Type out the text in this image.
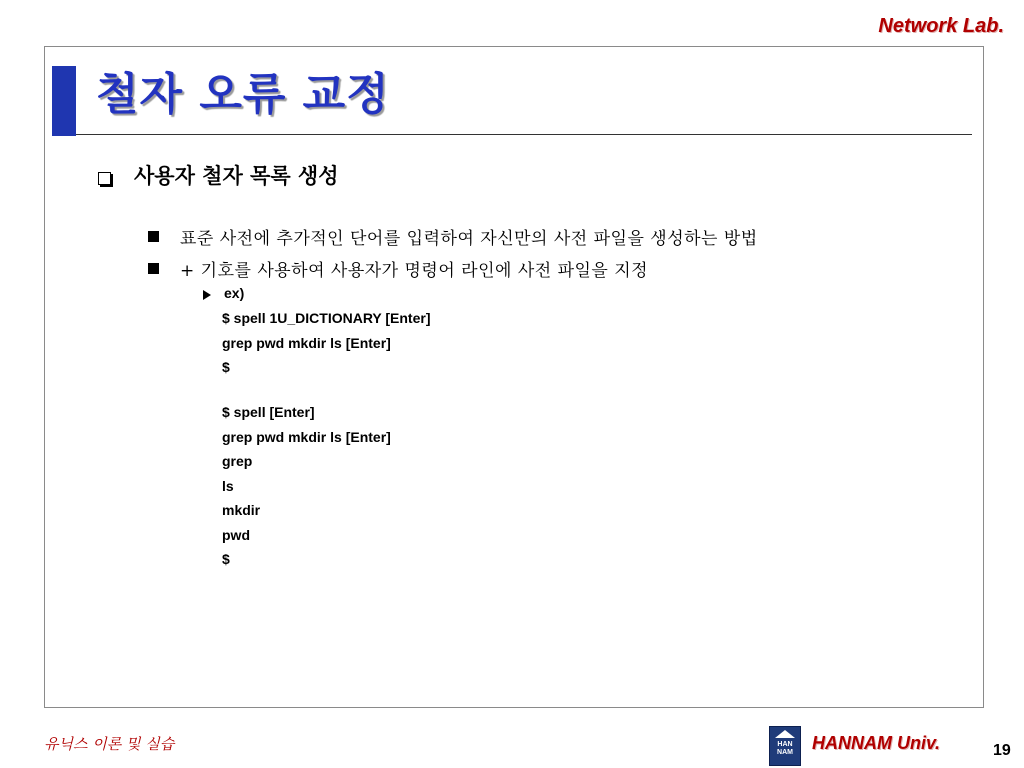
Network Lab.
철자 오류 교정
사용자 철자 목록 생성
표준 사전에 추가적인 단어를 입력하여 자신만의 사전 파일을 생성하는 방법
+ 기호를 사용하여 사용자가 명령어 라인에 사전 파일을 지정
ex)
$ spell 1U_DICTIONARY [Enter]
grep pwd mkdir ls [Enter]
$
$ spell [Enter]
grep pwd mkdir ls [Enter]
grep
ls
mkdir
pwd
$
유닉스 이론 및 실습	HAN
NAM	HANNAM Univ.	19
